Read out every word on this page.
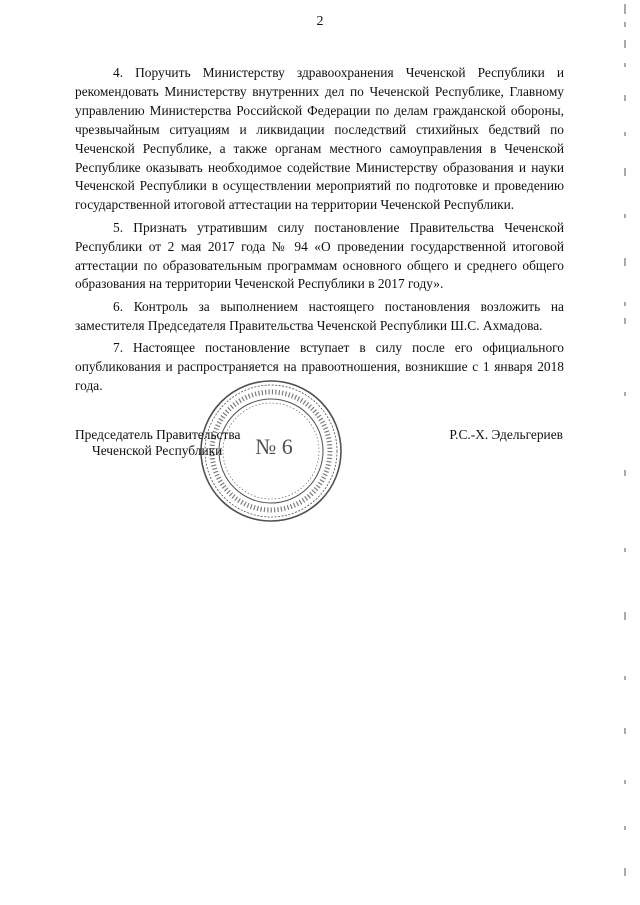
2

4. Поручить Министерству здравоохранения Чеченской Республики и рекомендовать Министерству внутренних дел по Чеченской Республике, Главному управлению Министерства Российской Федерации по делам гражданской обороны, чрезвычайным ситуациям и ликвидации последствий стихийных бедствий по Чеченской Республике, а также органам местного самоуправления в Чеченской Республике оказывать необходимое содействие Министерству образования и науки Чеченской Республики в осуществлении мероприятий по подготовке и проведению государственной итоговой аттестации на территории Чеченской Республики.

5. Признать утратившим силу постановление Правительства Чеченской Республики от 2 мая 2017 года № 94 «О проведении государственной итоговой аттестации по образовательным программам основного общего и среднего общего образования на территории Чеченской Республики в 2017 году».

6. Контроль за выполнением настоящего постановления возложить на заместителя Председателя Правительства Чеченской Республики Ш.С. Ахмадова.

7. Настоящее постановление вступает в силу после его официального опубликования и распространяется на правоотношения, возникшие с 1 января 2018 года.

№ 6
Председатель Правительства
Чеченской Республики
Р.С.-Х. Эдельгериев
